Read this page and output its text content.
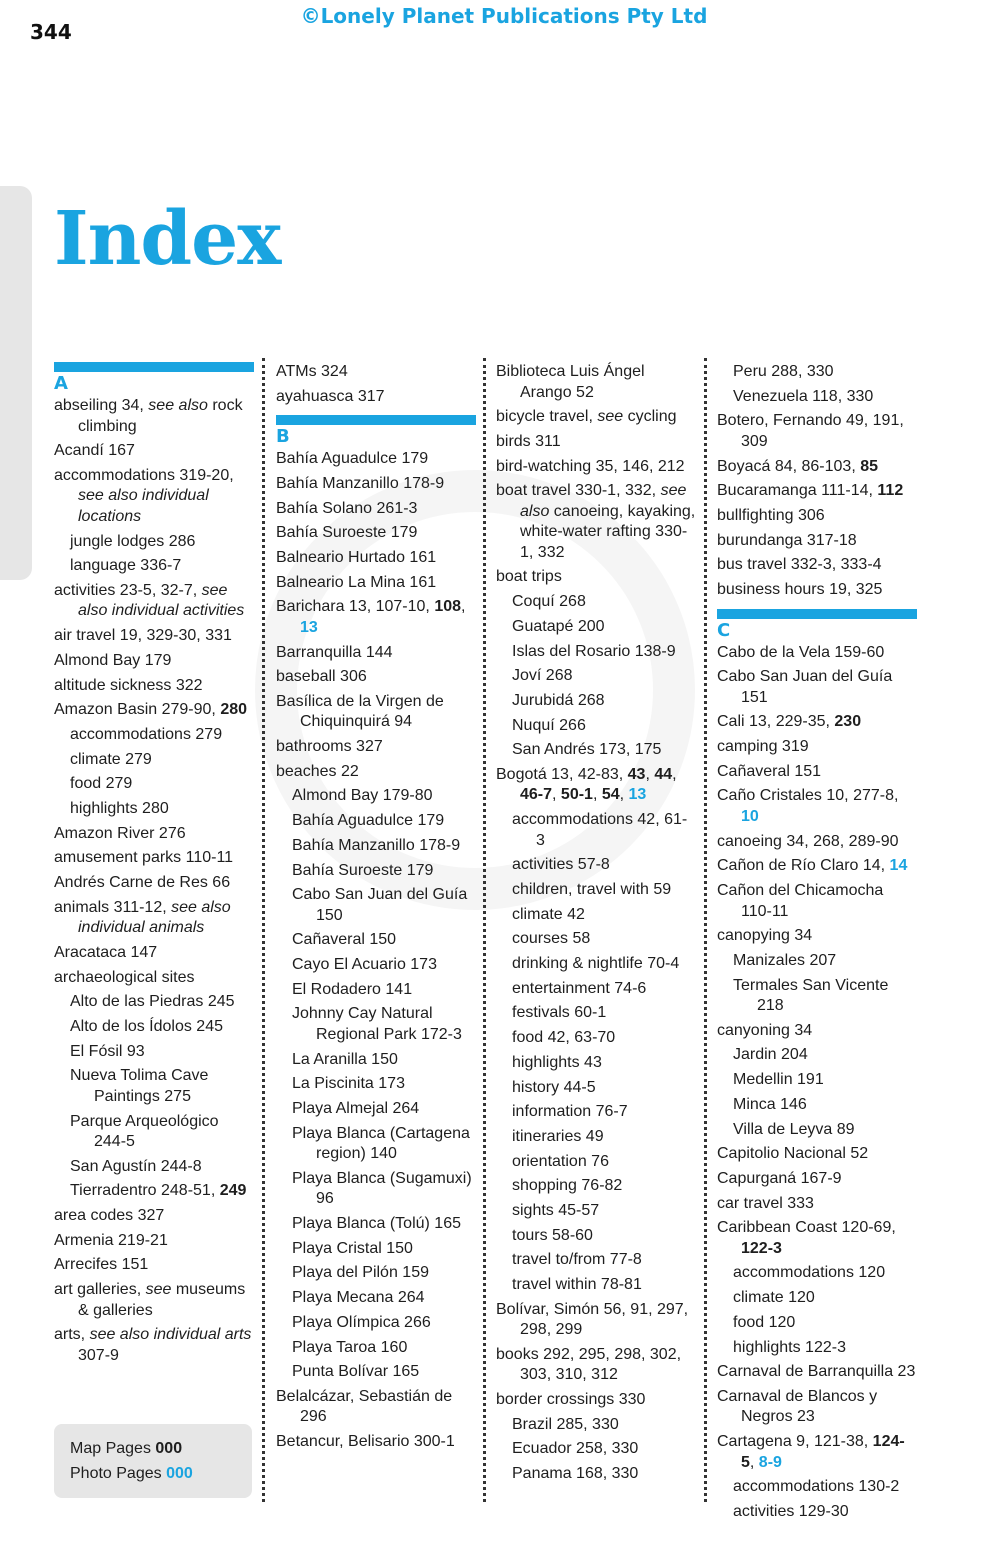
344
©Lonely Planet Publications Pty Ltd
Index
A
abseiling 34, see also rock climbing
Acandí 167
accommodations 319-20, see also individual locations
jungle lodges 286
language 336-7
activities 23-5, 32-7, see also individual activities
air travel 19, 329-30, 331
Almond Bay 179
altitude sickness 322
Amazon Basin 279-90, 280
accommodations 279
climate 279
food 279
highlights 280
Amazon River 276
amusement parks 110-11
Andrés Carne de Res 66
animals 311-12, see also individual animals
Aracataca 147
archaeological sites
Alto de las Piedras 245
Alto de los Ídolos 245
El Fósil 93
Nueva Tolima Cave Paintings 275
Parque Arqueológico 244-5
San Agustín 244-8
Tierradentro 248-51, 249
area codes 327
Armenia 219-21
Arrecifes 151
art galleries, see museums & galleries
arts, see also individual arts 307-9
ATMs 324
ayahuasca 317
B
Bahía Aguadulce 179
Bahía Manzanillo 178-9
Bahía Solano 261-3
Bahía Suroeste 179
Balneario Hurtado 161
Balneario La Mina 161
Barichara 13, 107-10, 108, 13
Barranquilla 144
baseball 306
Basílica de la Virgen de Chiquinquirá 94
bathrooms 327
beaches 22
Almond Bay 179-80
Bahía Aguadulce 179
Bahía Manzanillo 178-9
Bahía Suroeste 179
Cabo San Juan del Guía 150
Cañaveral 150
Cayo El Acuario 173
El Rodadero 141
Johnny Cay Natural Regional Park 172-3
La Aranilla 150
La Piscinita 173
Playa Almejal 264
Playa Blanca (Cartagena region) 140
Playa Blanca (Sugamuxi) 96
Playa Blanca (Tolú) 165
Playa Cristal 150
Playa del Pilón 159
Playa Mecana 264
Playa Olímpica 266
Playa Taroa 160
Punta Bolívar 165
Belalcázar, Sebastián de 296
Betancur, Belisario 300-1
Biblioteca Luis Ángel Arango 52
bicycle travel, see cycling
birds 311
bird-watching 35, 146, 212
boat travel 330-1, 332, see also canoeing, kayaking, white-water rafting 330-1, 332
boat trips
Coquí 268
Guatapé 200
Islas del Rosario 138-9
Joví 268
Jurubidá 268
Nuquí 266
San Andrés 173, 175
Bogotá 13, 42-83, 43, 44, 46-7, 50-1, 54, 13
accommodations 42, 61-3
activities 57-8
children, travel with 59
climate 42
courses 58
drinking & nightlife 70-4
entertainment 74-6
festivals 60-1
food 42, 63-70
highlights 43
history 44-5
information 76-7
itineraries 49
orientation 76
shopping 76-82
sights 45-57
tours 58-60
travel to/from 77-8
travel within 78-81
Bolívar, Simón 56, 91, 297, 298, 299
books 292, 295, 298, 302, 303, 310, 312
border crossings 330
Brazil 285, 330
Ecuador 258, 330
Panama 168, 330
Peru 288, 330
Venezuela 118, 330
Botero, Fernando 49, 191, 309
Boyacá 84, 86-103, 85
Bucaramanga 111-14, 112
bullfighting 306
burundanga 317-18
bus travel 332-3, 333-4
business hours 19, 325
C
Cabo de la Vela 159-60
Cabo San Juan del Guía 151
Cali 13, 229-35, 230
camping 319
Cañaveral 151
Caño Cristales 10, 277-8, 10
canoeing 34, 268, 289-90
Cañon de Río Claro 14, 14
Cañon del Chicamocha 110-11
canopying 34
Manizales 207
Termales San Vicente 218
canyoning 34
Jardin 204
Medellin 191
Minca 146
Villa de Leyva 89
Capitolio Nacional 52
Capurganá 167-9
car travel 333
Caribbean Coast 120-69, 122-3
accommodations 120
climate 120
food 120
highlights 122-3
Carnaval de Barranquilla 23
Carnaval de Blancos y Negros 23
Cartagena 9, 121-38, 124-5, 8-9
accommodations 130-2
activities 129-30
Map Pages 000
Photo Pages 000
